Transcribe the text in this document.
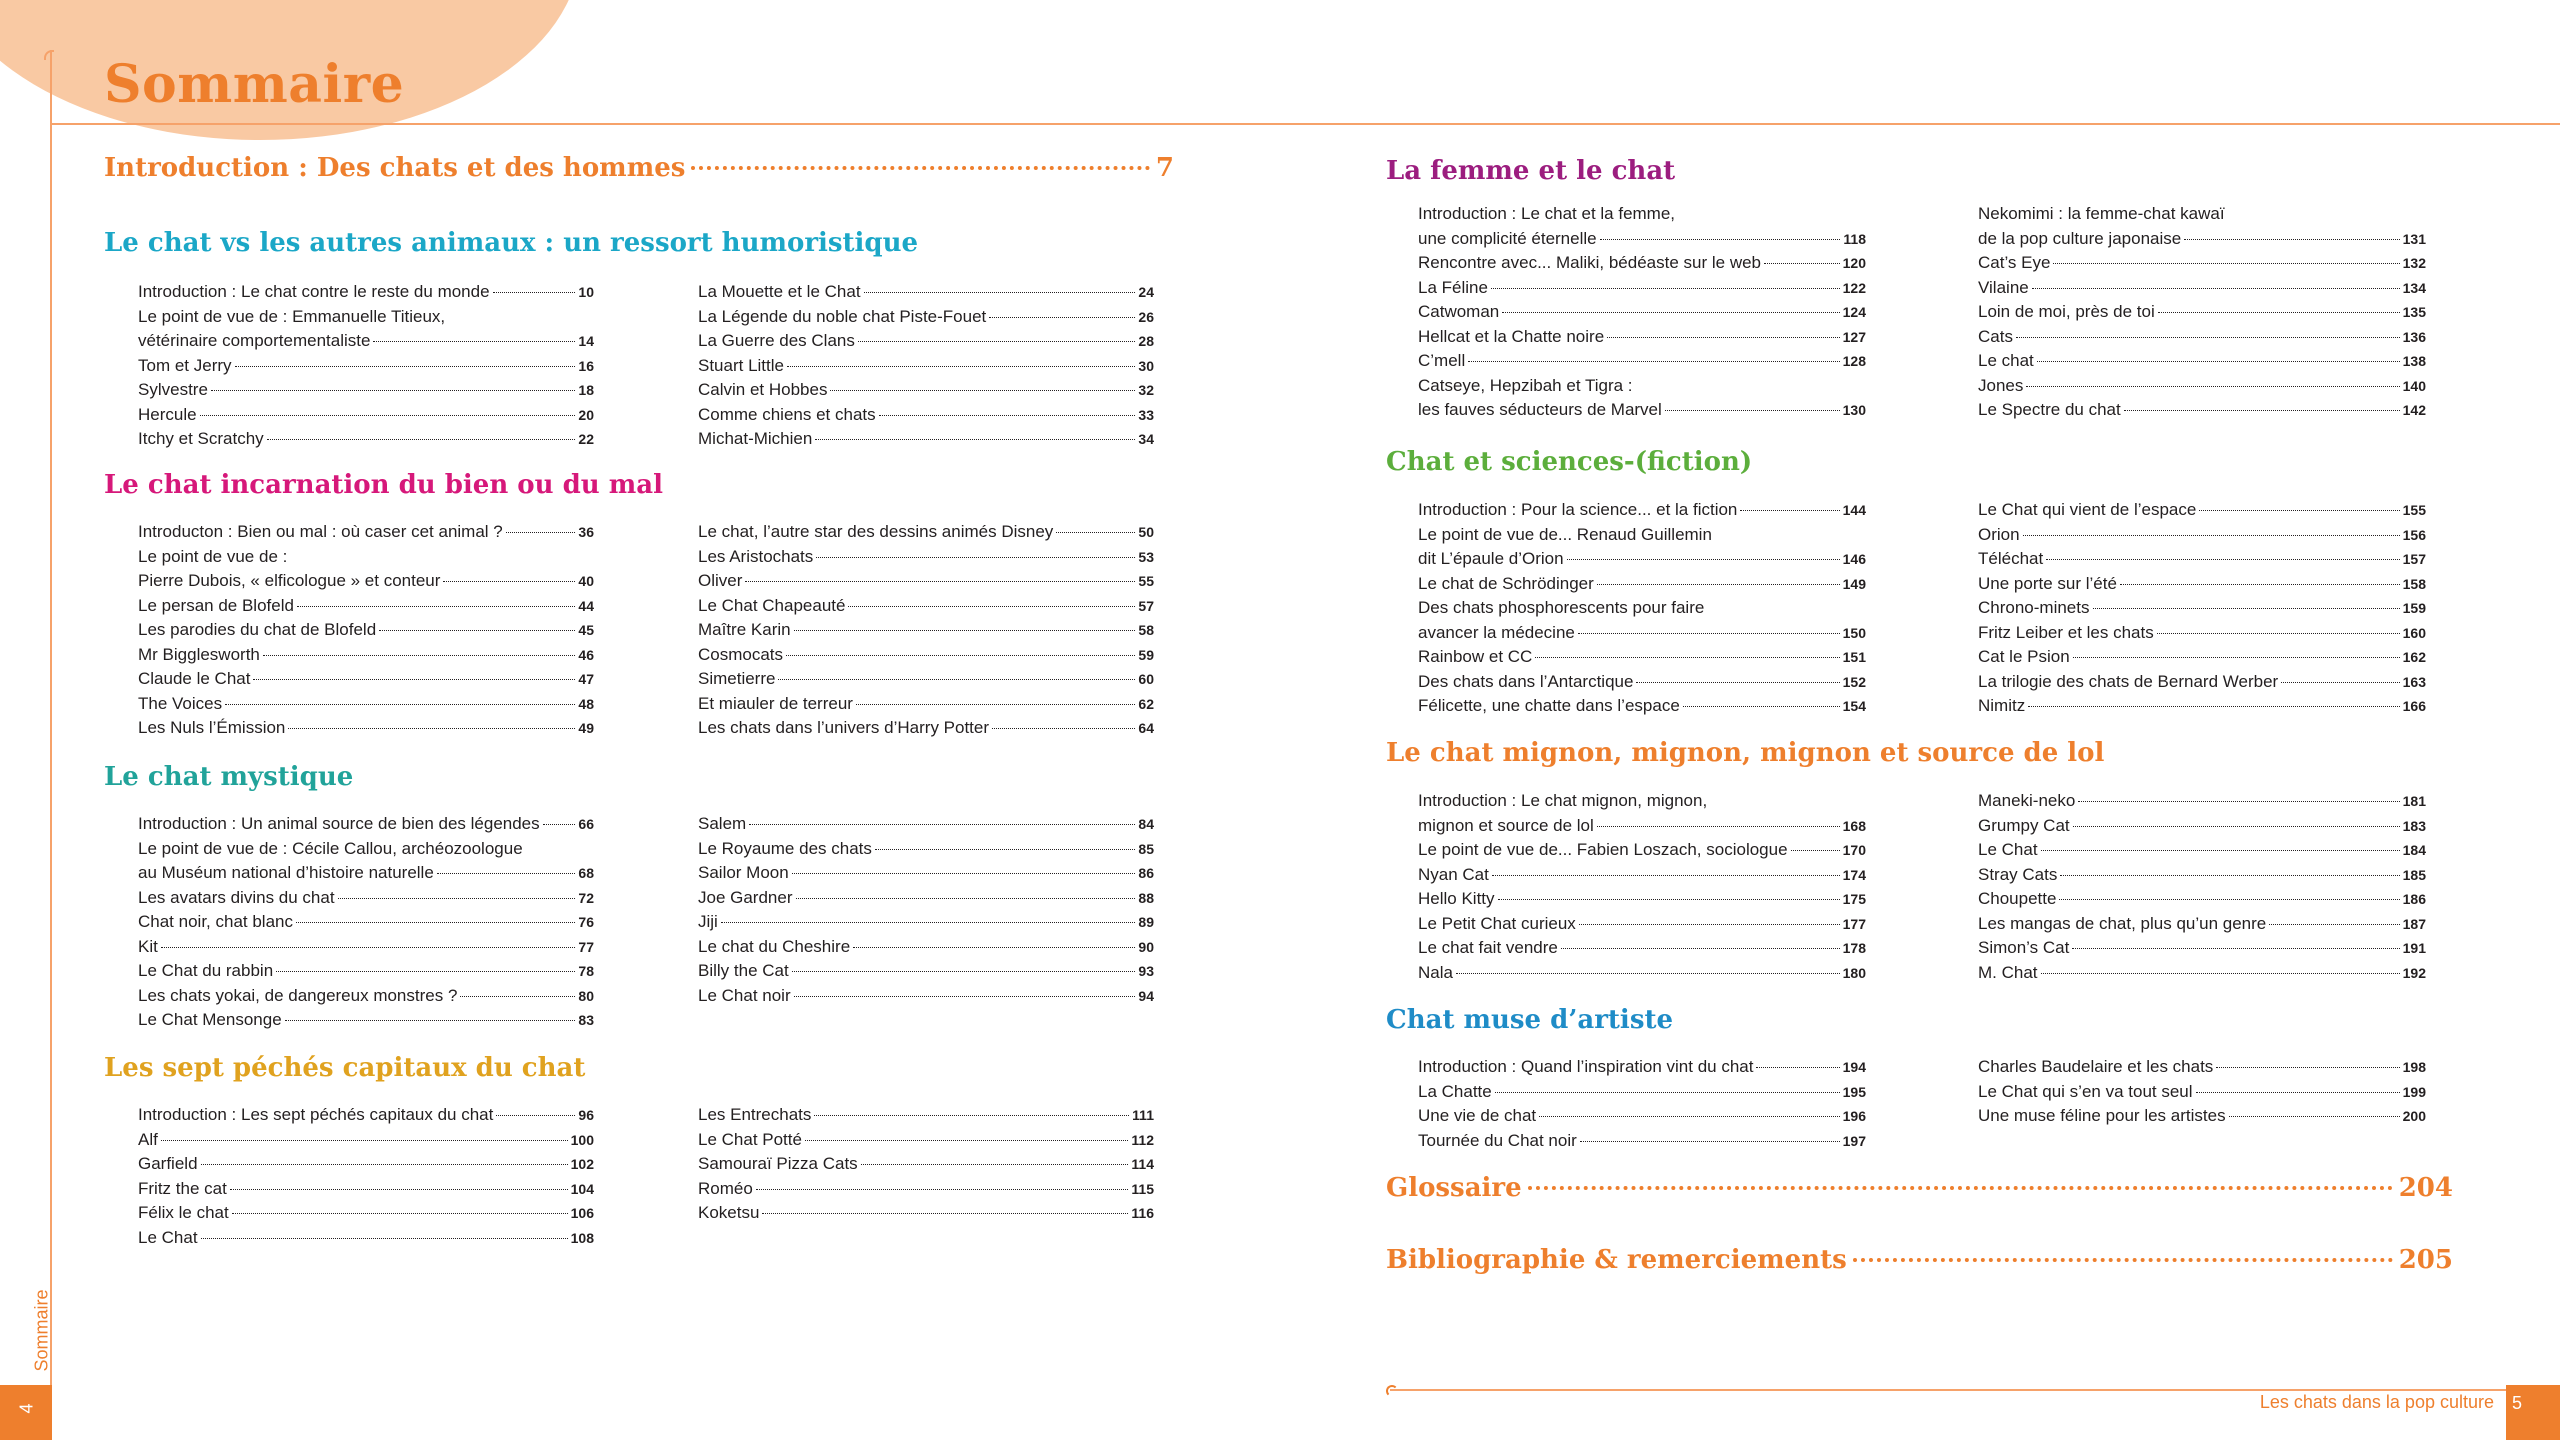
Sommaire
Introduction : Des chats et des hommes	7
Le chat vs les autres animaux : un ressort humoristique
Introduction : Le chat contre le reste du monde	10
Le point de vue de : Emmanuelle Titieux,
vétérinaire comportementaliste	14
Tom et Jerry	16
Sylvestre	18
Hercule	20
Itchy et Scratchy	22
La Mouette et le Chat	24
La Légende du noble chat Piste-Fouet	26
La Guerre des Clans	28
Stuart Little	30
Calvin et Hobbes	32
Comme chiens et chats	33
Michat-Michien	34
Le chat incarnation du bien ou du mal
Introducton : Bien ou mal : où caser cet animal ?	36
Le point de vue de :
Pierre Dubois, « elficologue » et conteur	40
Le persan de Blofeld	44
Les parodies du chat de Blofeld	45
Mr Bigglesworth	46
Claude le Chat	47
The Voices	48
Les Nuls l’Émission	49
Le chat, l’autre star des dessins animés Disney	50
Les Aristochats	53
Oliver	55
Le Chat Chapeauté	57
Maître Karin	58
Cosmocats	59
Simetierre	60
Et miauler de terreur	62
Les chats dans l’univers d’Harry Potter	64
Le chat mystique
Introduction : Un animal source de bien des légendes	66
Le point de vue de : Cécile Callou, archéozoologue
au Muséum national d’histoire naturelle	68
Les avatars divins du chat	72
Chat noir, chat blanc	76
Kit	77
Le Chat du rabbin	78
Les chats yokai, de dangereux monstres ?	80
Le Chat Mensonge	83
Salem	84
Le Royaume des chats	85
Sailor Moon	86
Joe Gardner	88
Jiji	89
Le chat du Cheshire	90
Billy the Cat	93
Le Chat noir	94
Les sept péchés capitaux du chat
Introduction : Les sept péchés capitaux du chat	96
Alf	100
Garfield	102
Fritz the cat	104
Félix le chat	106
Le Chat	108
Les Entrechats	111
Le Chat Potté	112
Samouraï Pizza Cats	114
Roméo	115
Koketsu	116
La femme et le chat
Introduction : Le chat et la femme,
une complicité éternelle	118
Rencontre avec... Maliki, bédéaste sur le web	120
La Féline	122
Catwoman	124
Hellcat et la Chatte noire	127
C’mell	128
Catseye, Hepzibah et Tigra :
les fauves séducteurs de Marvel	130
Nekomimi : la femme-chat kawaï
de la pop culture japonaise	131
Cat’s Eye	132
Vilaine	134
Loin de moi, près de toi	135
Cats	136
Le chat	138
Jones	140
Le Spectre du chat	142
Chat et sciences-(fiction)
Introduction : Pour la science... et la fiction	144
Le point de vue de... Renaud Guillemin
dit L’épaule d’Orion	146
Le chat de Schrödinger	149
Des chats phosphorescents pour faire
avancer la médecine	150
Rainbow et CC	151
Des chats dans l’Antarctique	152
Félicette, une chatte dans l’espace	154
Le Chat qui vient de l’espace	155
Orion	156
Téléchat	157
Une porte sur l’été	158
Chrono-minets	159
Fritz Leiber et les chats	160
Cat le Psion	162
La trilogie des chats de Bernard Werber	163
Nimitz	166
Le chat mignon, mignon, mignon et source de lol
Introduction : Le chat mignon, mignon,
mignon et source de lol	168
Le point de vue de... Fabien Loszach, sociologue	170
Nyan Cat	174
Hello Kitty	175
Le Petit Chat curieux	177
Le chat fait vendre	178
Nala	180
Maneki-neko	181
Grumpy Cat	183
Le Chat	184
Stray Cats	185
Choupette	186
Les mangas de chat, plus qu’un genre	187
Simon’s Cat	191
M. Chat	192
Chat muse d’artiste
Introduction : Quand l’inspiration vint du chat	194
La Chatte	195
Une vie de chat	196
Tournée du Chat noir	197
Charles Baudelaire et les chats	198
Le Chat qui s’en va tout seul	199
Une muse féline pour les artistes	200
Glossaire	204
Bibliographie & remerciements	205
4
Sommaire
5
Les chats dans la pop culture
